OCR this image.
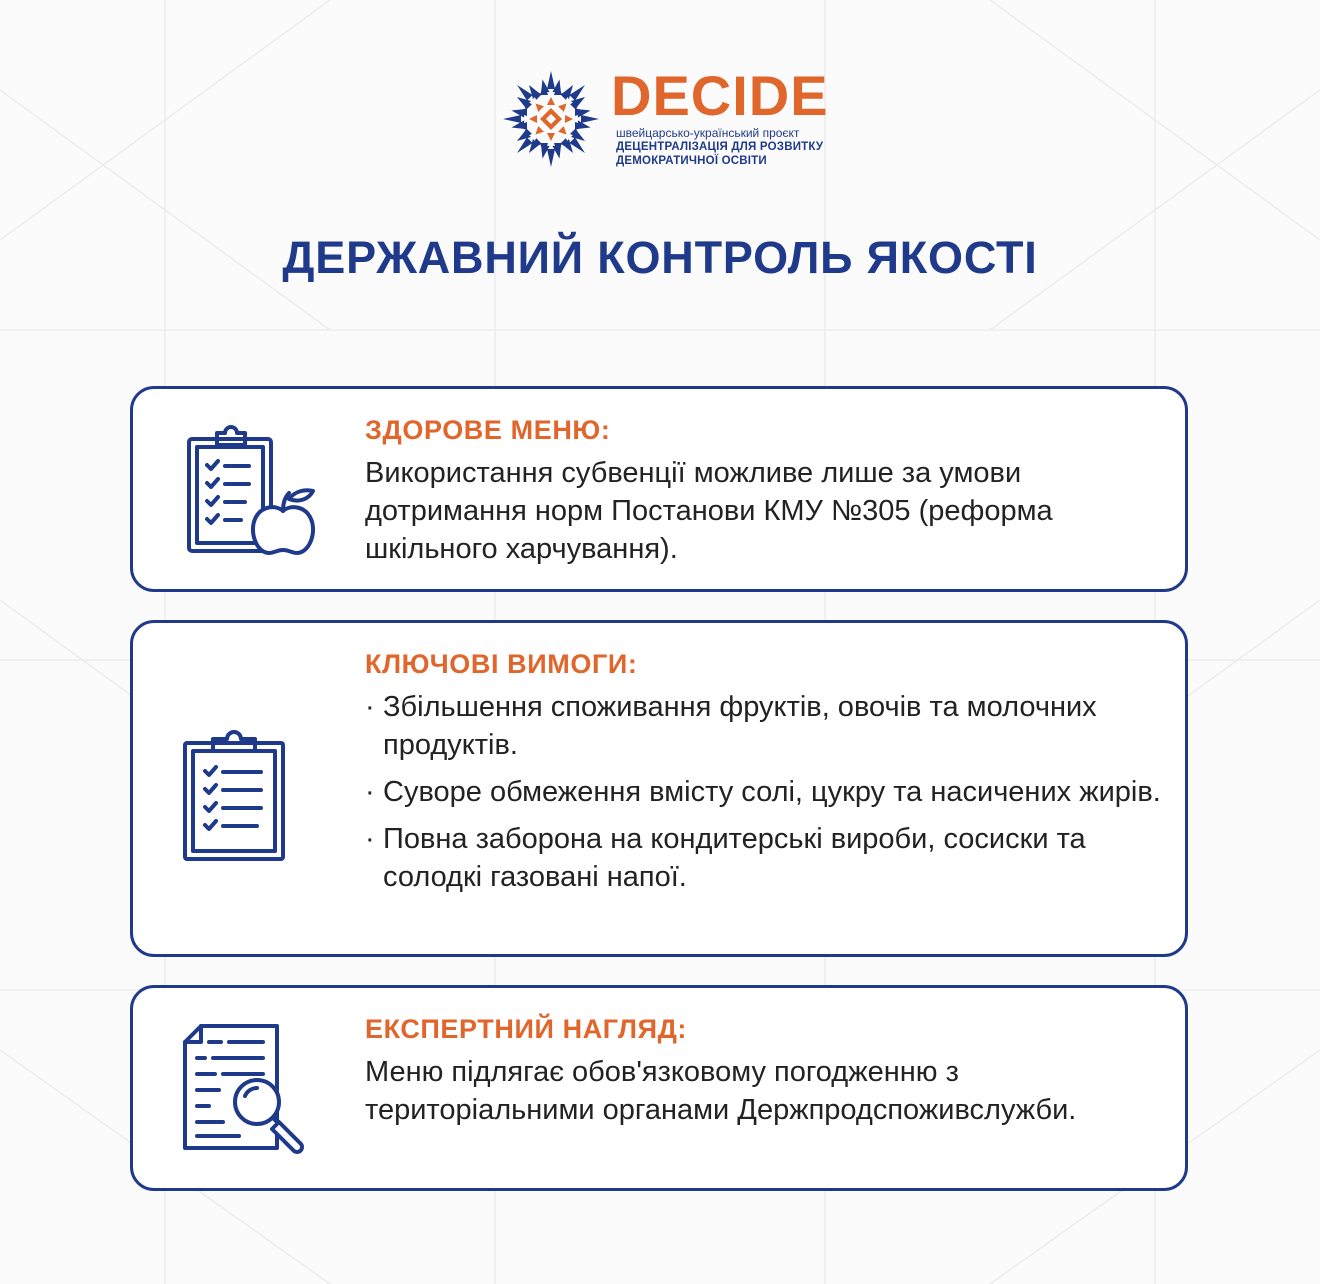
DECIDE
швейцарсько-український проєкт
ДЕЦЕНТРАЛІЗАЦІЯ ДЛЯ РОЗВИТКУ
ДЕМОКРАТИЧНОЇ ОСВІТИ
ДЕРЖАВНИЙ КОНТРОЛЬ ЯКОСТІ
ЗДОРОВЕ МЕНЮ:

Використання субвенції можливе лише за умови дотримання норм Постанови КМУ №305 (реформа шкільного харчування).

КЛЮЧОВІ ВИМОГИ:
· Збільшення споживання фруктів, овочів та молочних продуктів.
· Суворе обмеження вмісту солі, цукру та насичених жирів.
· Повна заборона на кондитерські вироби, сосиски та солодкі газовані напої.
ЕКСПЕРТНИЙ НАГЛЯД:

Меню підлягає обов'язковому погодженню з територіальними органами Держпродспоживслужби.
